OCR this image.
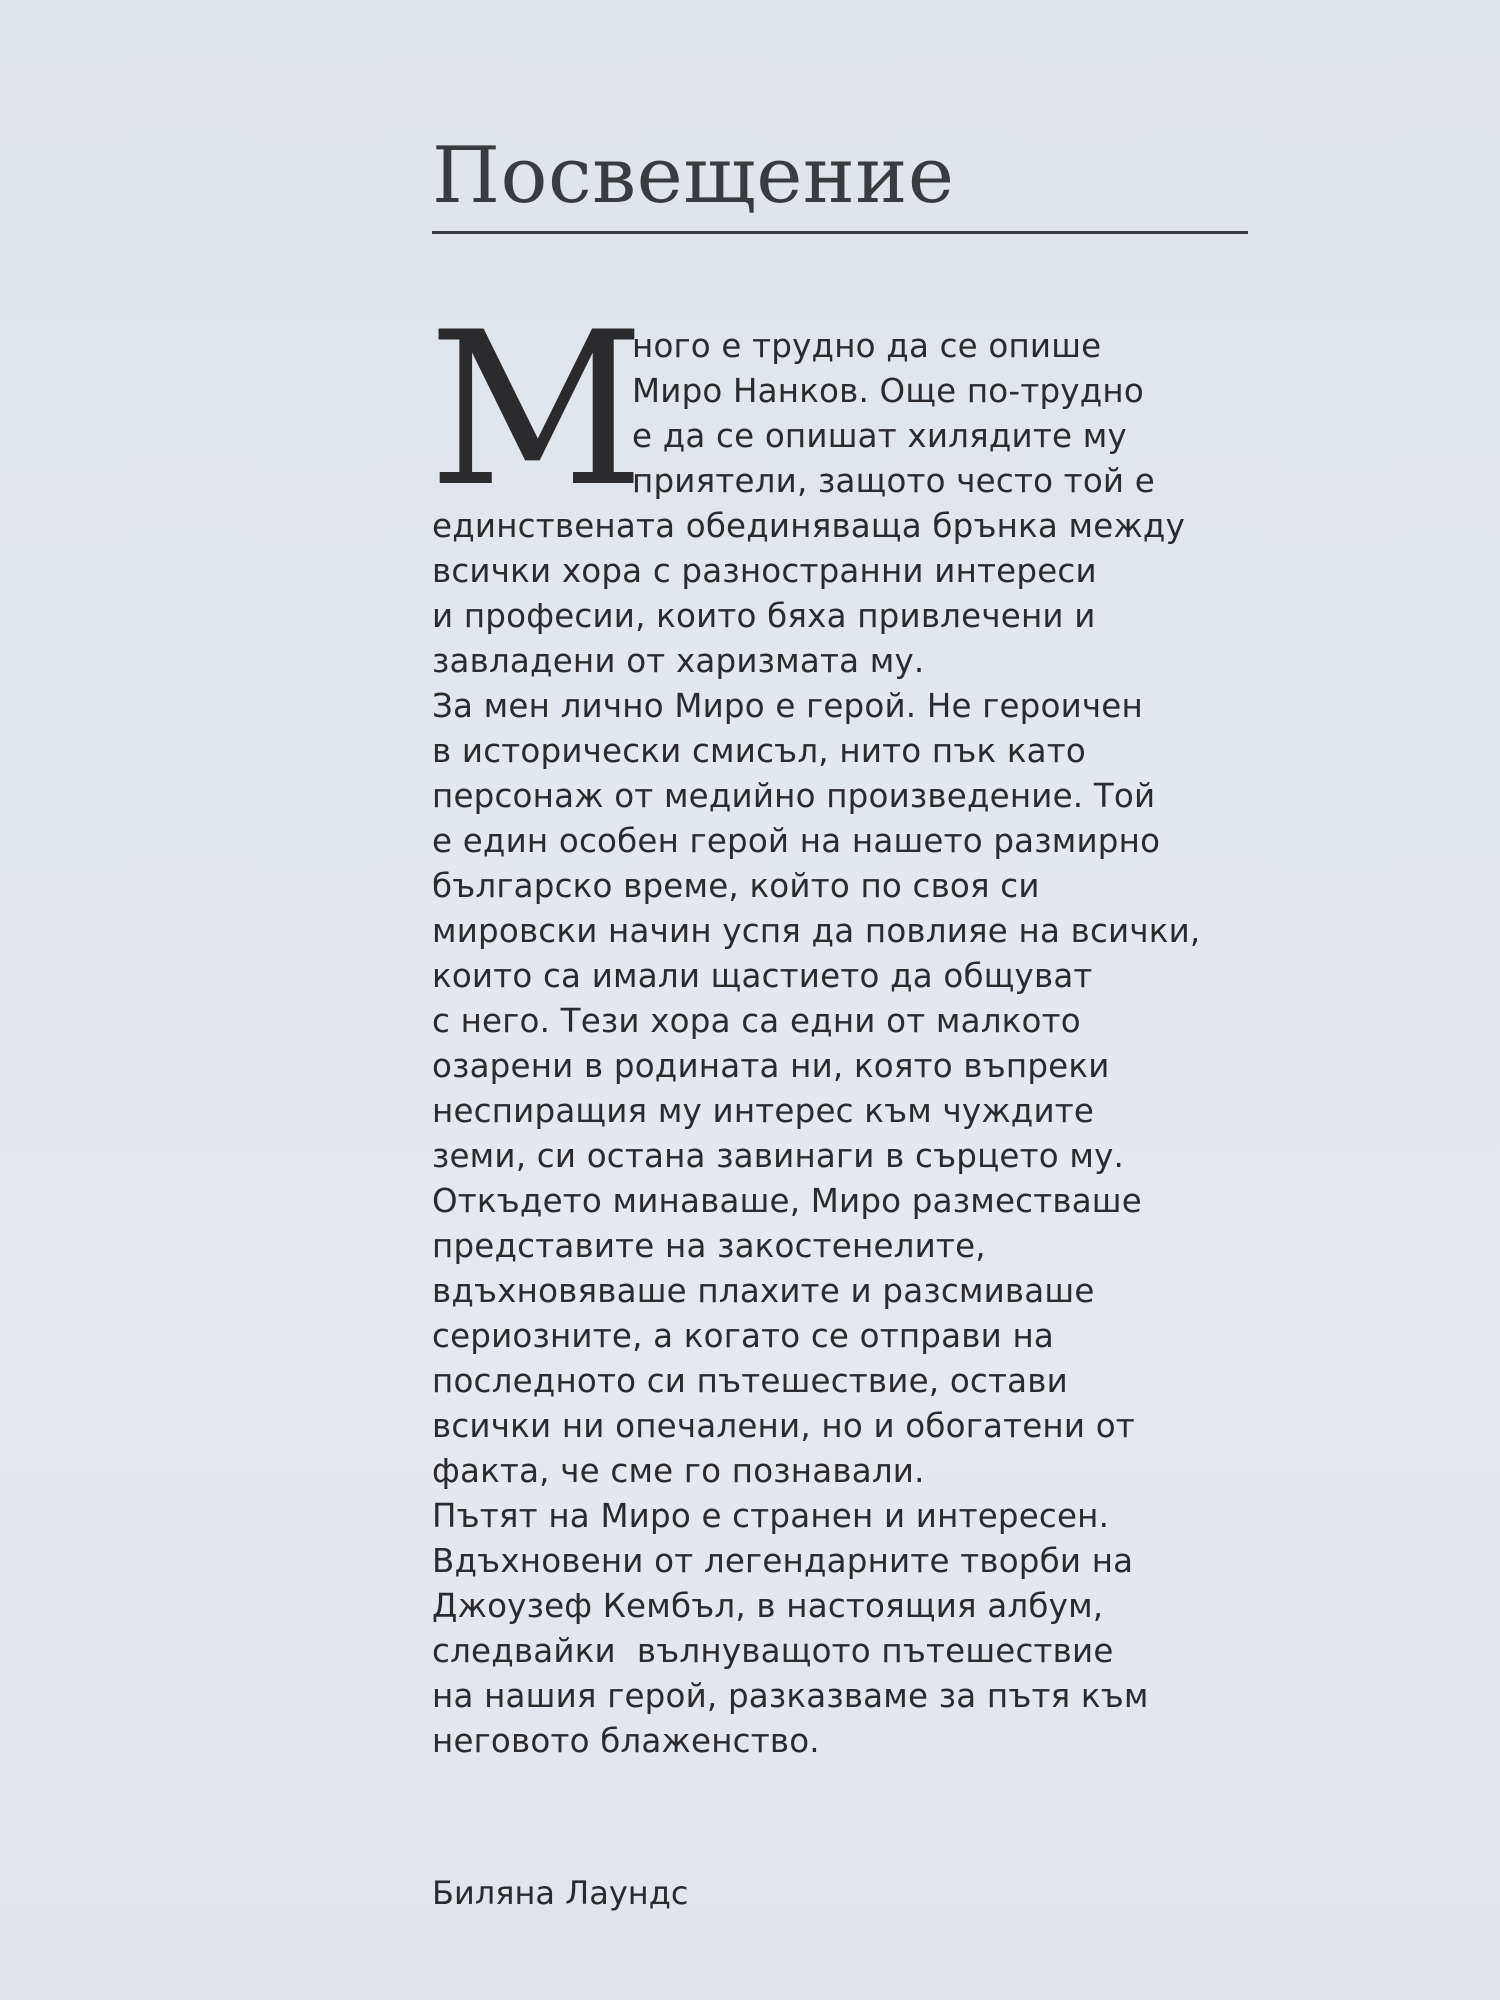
Посвещение
М
ного е трудно да се опише
Миро Нанков. Още по-трудно
е да се опишат хилядите му
приятели, защото често той е
единствената обединяваща брънка между
всички хора с разностранни интереси
и професии, които бяха привлечени и
завладени от харизмата му.
За мен лично Миро е герой. Не героичен
в исторически смисъл, нито пък като
персонаж от медийно произведение. Той
е един особен герой на нашето размирно
българско време, който по своя си
мировски начин успя да повлияе на всички,
които са имали щастието да общуват
с него. Тези хора са едни от малкото
озарени в родината ни, която въпреки
неспиращия му интерес към чуждите
земи, си остана завинаги в сърцето му.
Откъдето минаваше, Миро разместваше
представите на закостенелите,
вдъхновяваше плахите и разсмиваше
сериозните, а когато се отправи на
последното си пътешествие, остави
всички ни опечалени, но и обогатени от
факта, че сме го познавали.
Пътят на Миро е странен и интересен.
Вдъхновени от легендарните творби на
Джоузеф Кембъл, в настоящия албум,
следвайки  вълнуващото пътешествие
на нашия герой, разказваме за пътя към
неговото блаженство.
Биляна Лаундс
